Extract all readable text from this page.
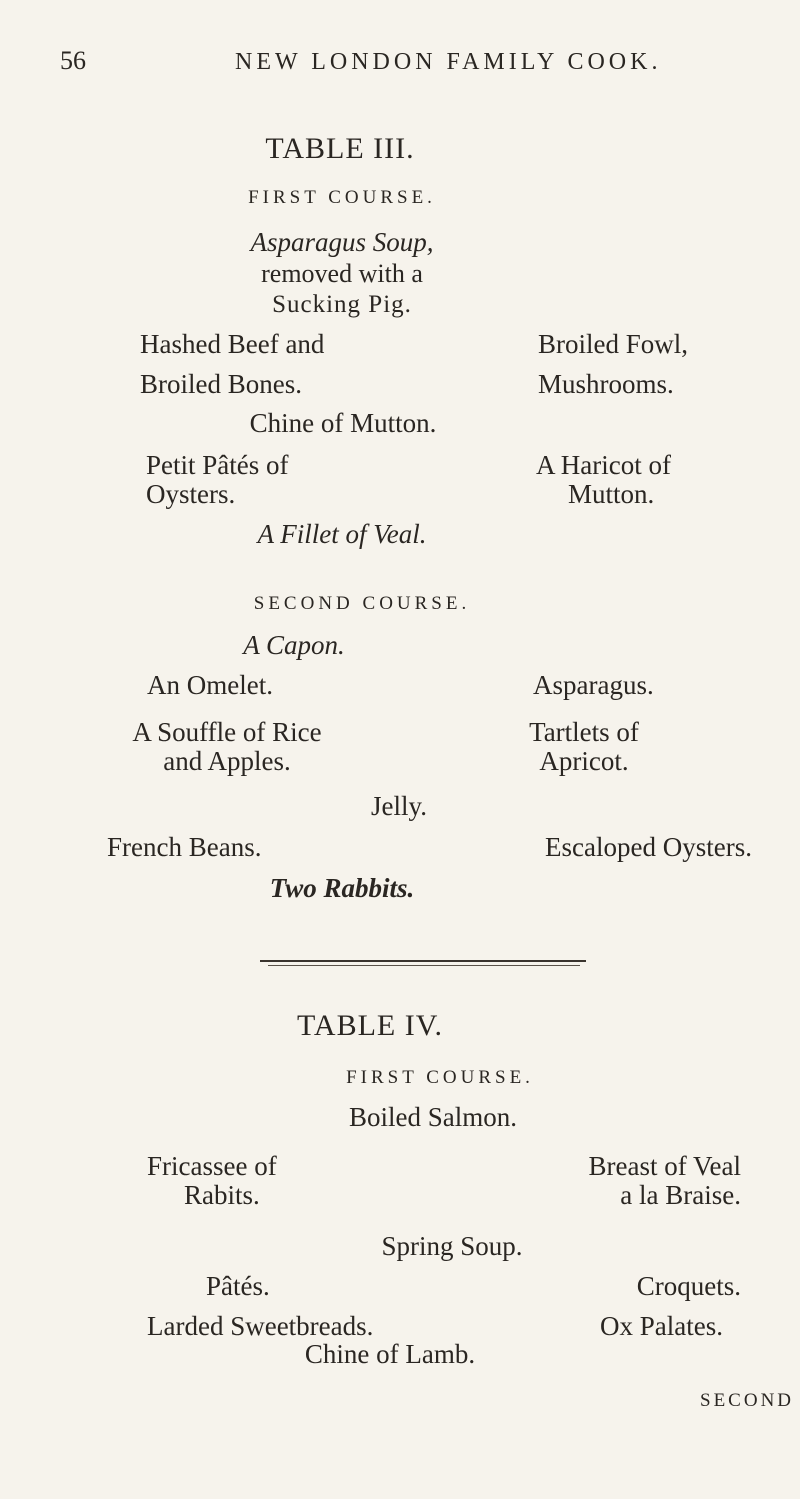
56	NEW LONDON FAMILY COOK.
TABLE III.
FIRST COURSE.
Asparagus Soup,
removed with a
Sucking Pig.
Hashed Beef and
Broiled Bones.
Broiled Fowl,
Mushrooms.
Chine of Mutton.
Petit Pâtés of
Oysters.
A Haricot of
Mutton.
A Fillet of Veal.
SECOND COURSE.
A Capon.
An Omelet.	Asparagus.
A Souffle of Rice
and Apples.
Tartlets of
Apricot.
Jelly.
French Beans.	Escaloped Oysters.
Two Rabbits.
TABLE IV.
FIRST COURSE.
Boiled Salmon.
Fricassee of
Rabits.
Breast of Veal
a la Braise.
Spring Soup.
Pâtés.	Croquets.
Larded Sweetbreads.	Ox Palates.
Chine of Lamb.
SECOND
